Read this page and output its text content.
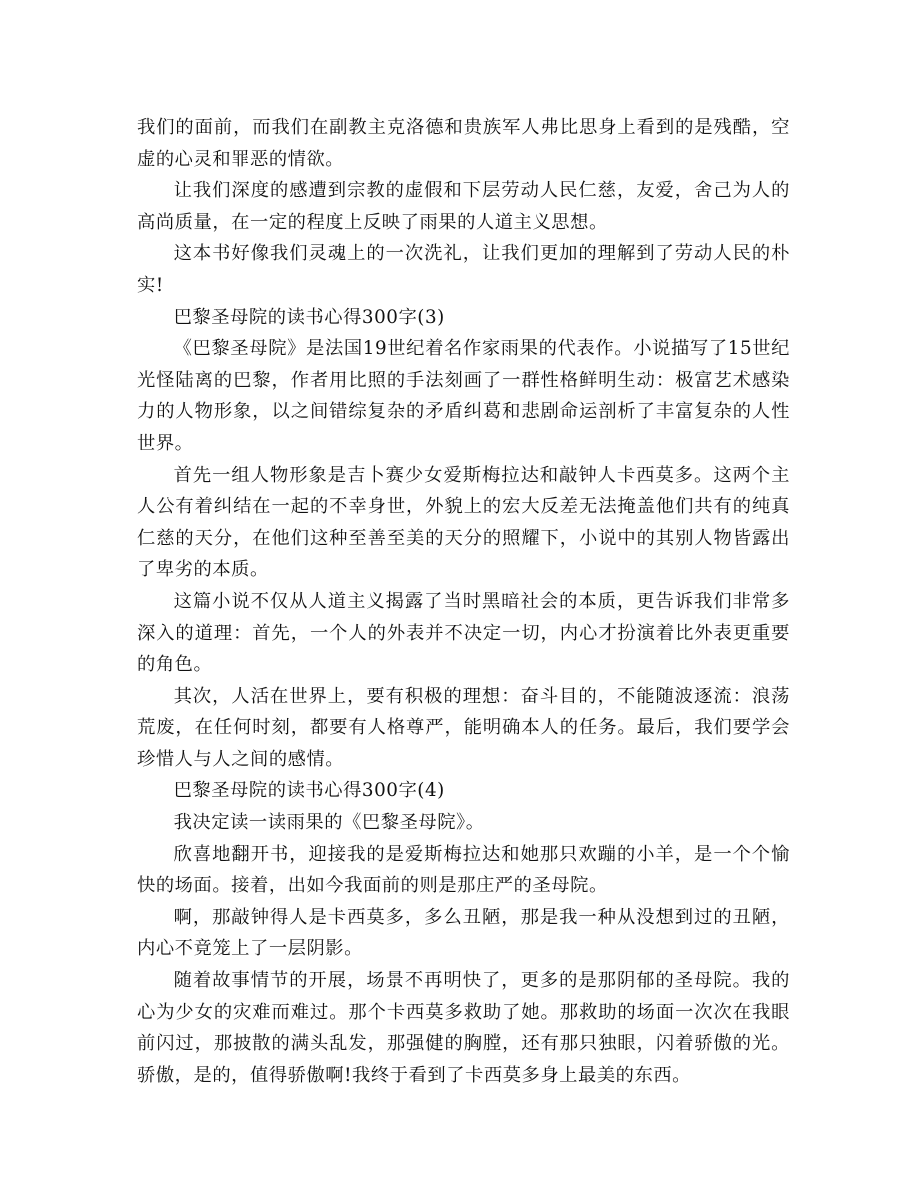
我们的面前，而我们在副教主克洛德和贵族军人弗比思身上看到的是残酷，空虚的心灵和罪恶的情欲。

让我们深度的感遭到宗教的虚假和下层劳动人民仁慈，友爱，舍己为人的高尚质量，在一定的程度上反映了雨果的人道主义思想。

这本书好像我们灵魂上的一次洗礼，让我们更加的理解到了劳动人民的朴实!

巴黎圣母院的读书心得300字(3)

《巴黎圣母院》是法国19世纪着名作家雨果的代表作。小说描写了15世纪光怪陆离的巴黎，作者用比照的手法刻画了一群性格鲜明生动：极富艺术感染力的人物形象，以之间错综复杂的矛盾纠葛和悲剧命运剖析了丰富复杂的人性世界。

首先一组人物形象是吉卜赛少女爱斯梅拉达和敲钟人卡西莫多。这两个主人公有着纠结在一起的不幸身世，外貌上的宏大反差无法掩盖他们共有的纯真仁慈的天分，在他们这种至善至美的天分的照耀下，小说中的其别人物皆露出了卑劣的本质。

这篇小说不仅从人道主义揭露了当时黑暗社会的本质，更告诉我们非常多深入的道理：首先，一个人的外表并不决定一切，内心才扮演着比外表更重要的角色。

其次，人活在世界上，要有积极的理想：奋斗目的，不能随波逐流：浪荡荒废，在任何时刻，都要有人格尊严，能明确本人的任务。最后，我们要学会珍惜人与人之间的感情。

巴黎圣母院的读书心得300字(4)

我决定读一读雨果的《巴黎圣母院》。

欣喜地翻开书，迎接我的是爱斯梅拉达和她那只欢蹦的小羊，是一个个愉快的场面。接着，出如今我面前的则是那庄严的圣母院。

啊，那敲钟得人是卡西莫多，多么丑陋，那是我一种从没想到过的丑陋，内心不竟笼上了一层阴影。

随着故事情节的开展，场景不再明快了，更多的是那阴郁的圣母院。我的心为少女的灾难而难过。那个卡西莫多救助了她。那救助的场面一次次在我眼前闪过，那披散的满头乱发，那强健的胸膛，还有那只独眼，闪着骄傲的光。骄傲，是的，值得骄傲啊!我终于看到了卡西莫多身上最美的东西。
